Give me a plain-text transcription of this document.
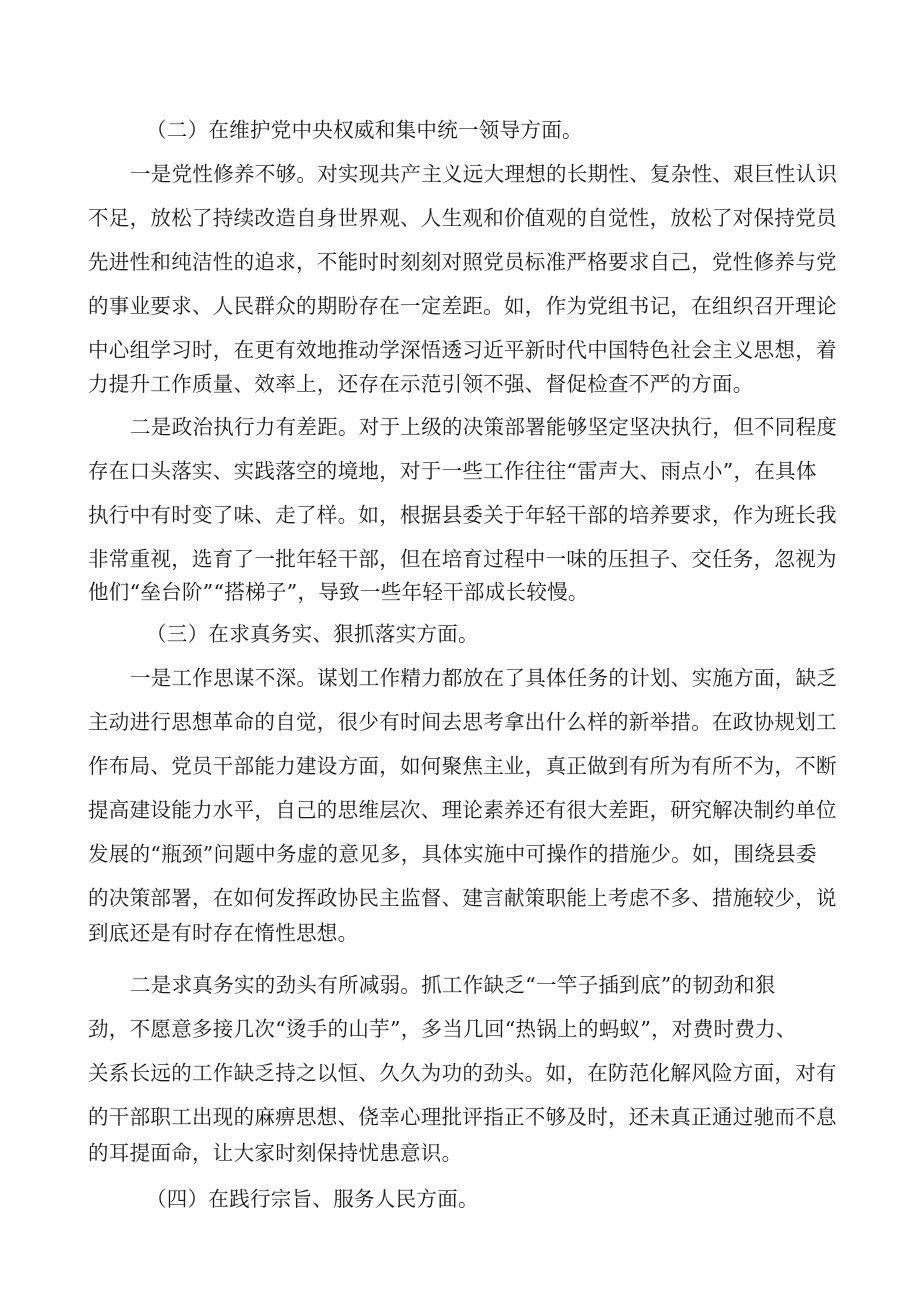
（二）在维护党中央权威和集中统一领导方面。
一是党性修养不够。对实现共产主义远大理想的长期性、复杂性、艰巨性认识
不足，放松了持续改造自身世界观、人生观和价值观的自觉性，放松了对保持党员
先进性和纯洁性的追求，不能时时刻刻对照党员标准严格要求自己，党性修养与党
的事业要求、人民群众的期盼存在一定差距。如，作为党组书记，在组织召开理论
中心组学习时，在更有效地推动学深悟透习近平新时代中国特色社会主义思想，着
力提升工作质量、效率上，还存在示范引领不强、督促检查不严的方面。
二是政治执行力有差距。对于上级的决策部署能够坚定坚决执行，但不同程度
存在口头落实、实践落空的境地，对于一些工作往往“雷声大、雨点小”，在具体
执行中有时变了味、走了样。如，根据县委关于年轻干部的培养要求，作为班长我
非常重视，选育了一批年轻干部，但在培育过程中一味的压担子、交任务，忽视为
他们“垒台阶”“搭梯子”，导致一些年轻干部成长较慢。
（三）在求真务实、狠抓落实方面。
一是工作思谋不深。谋划工作精力都放在了具体任务的计划、实施方面，缺乏
主动进行思想革命的自觉，很少有时间去思考拿出什么样的新举措。在政协规划工
作布局、党员干部能力建设方面，如何聚焦主业，真正做到有所为有所不为，不断
提高建设能力水平，自己的思维层次、理论素养还有很大差距，研究解决制约单位
发展的“瓶颈”问题中务虚的意见多，具体实施中可操作的措施少。如，围绕县委
的决策部署，在如何发挥政协民主监督、建言献策职能上考虑不多、措施较少，说
到底还是有时存在惰性思想。
二是求真务实的劲头有所减弱。抓工作缺乏“一竿子插到底”的韧劲和狠
劲，不愿意多接几次“烫手的山芋”，多当几回“热锅上的蚂蚁”，对费时费力、
关系长远的工作缺乏持之以恒、久久为功的劲头。如，在防范化解风险方面，对有
的干部职工出现的麻痹思想、侥幸心理批评指正不够及时，还未真正通过驰而不息
的耳提面命，让大家时刻保持忧患意识。
（四）在践行宗旨、服务人民方面。
